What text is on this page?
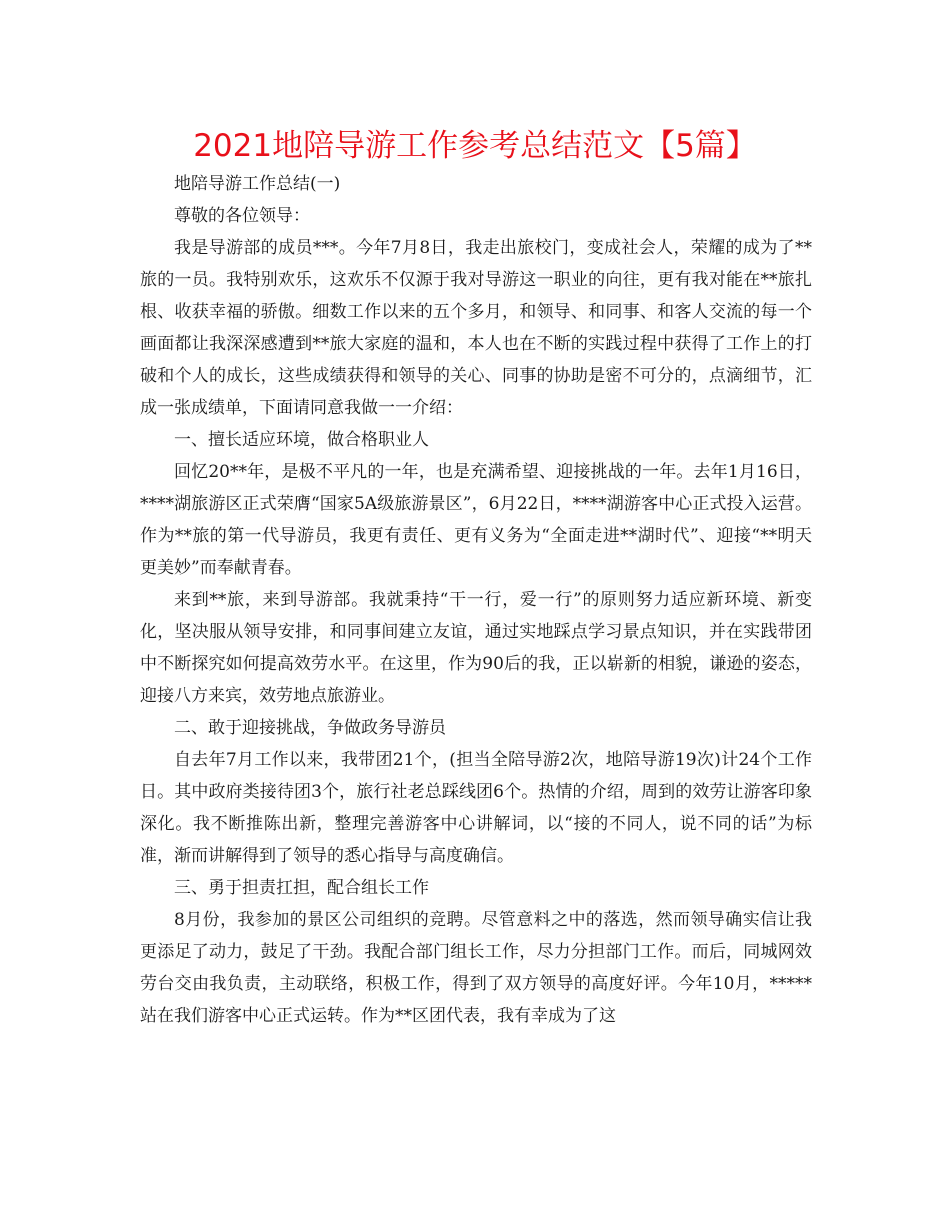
2021地陪导游工作参考总结范文【5篇】

地陪导游工作总结(一)

尊敬的各位领导：

我是导游部的成员***。今年7月8日，我走出旅校门，变成社会人，荣耀的成为了**旅的一员。我特别欢乐，这欢乐不仅源于我对导游这一职业的向往，更有我对能在**旅扎根、收获幸福的骄傲。细数工作以来的五个多月，和领导、和同事、和客人交流的每一个画面都让我深深感遭到**旅大家庭的温和，本人也在不断的实践过程中获得了工作上的打破和个人的成长，这些成绩获得和领导的关心、同事的协助是密不可分的，点滴细节，汇成一张成绩单，下面请同意我做一一介绍：

一、擅长适应环境，做合格职业人

回忆20**年，是极不平凡的一年，也是充满希望、迎接挑战的一年。去年1月16日，****湖旅游区正式荣膺“国家5A级旅游景区”，6月22日，****湖游客中心正式投入运营。作为**旅的第一代导游员，我更有责任、更有义务为“全面走进**湖时代”、迎接“**明天更美妙”而奉献青春。

来到**旅，来到导游部。我就秉持“干一行，爱一行”的原则努力适应新环境、新变化，坚决服从领导安排，和同事间建立友谊，通过实地踩点学习景点知识，并在实践带团中不断探究如何提高效劳水平。在这里，作为90后的我，正以崭新的相貌，谦逊的姿态，迎接八方来宾，效劳地点旅游业。

二、敢于迎接挑战，争做政务导游员

自去年7月工作以来，我带团21个，(担当全陪导游2次，地陪导游19次)计24个工作日。其中政府类接待团3个，旅行社老总踩线团6个。热情的介绍，周到的效劳让游客印象深化。我不断推陈出新，整理完善游客中心讲解词，以“接的不同人，说不同的话”为标准，渐而讲解得到了领导的悉心指导与高度确信。

三、勇于担责扛担，配合组长工作

8月份，我参加的景区公司组织的竞聘。尽管意料之中的落选，然而领导确实信让我更添足了动力，鼓足了干劲。我配合部门组长工作，尽力分担部门工作。而后，同城网效劳台交由我负责，主动联络，积极工作，得到了双方领导的高度好评。今年10月，*****站在我们游客中心正式运转。作为**区团代表，我有幸成为了这
